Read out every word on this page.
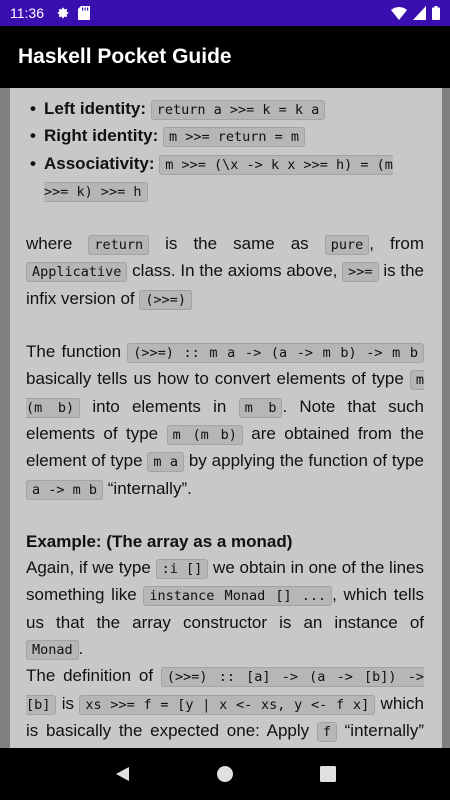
11:36
Haskell Pocket Guide
• Left identity: return a >>= k = k a
• Right identity: m >>= return = m
• Associativity: m >>= (\x -> k x >>= h) = (m >>= k) >>= h

where return is the same as pure , from Applicative class. In the axioms above, >>= is the infix version of (>>=)

The function (>>=) :: m a -> (a -> m b) -> m b basically tells us how to convert elements of type m (m b) into elements in m b . Note that such elements of type m (m b) are obtained from the element of type m a by applying the function of type a -> m b “internally”.

Example: (The array as a monad)

Again, if we type :i [] we obtain in one of the lines something like instance Monad [] ... , which tells us that the array constructor is an instance of Monad .

The definition of (>>=) :: [a] -> (a -> [b]) -> [b] is xs >>= f = [y | x <- xs, y <- f x] which is basically the expected one: Apply f “internally”
